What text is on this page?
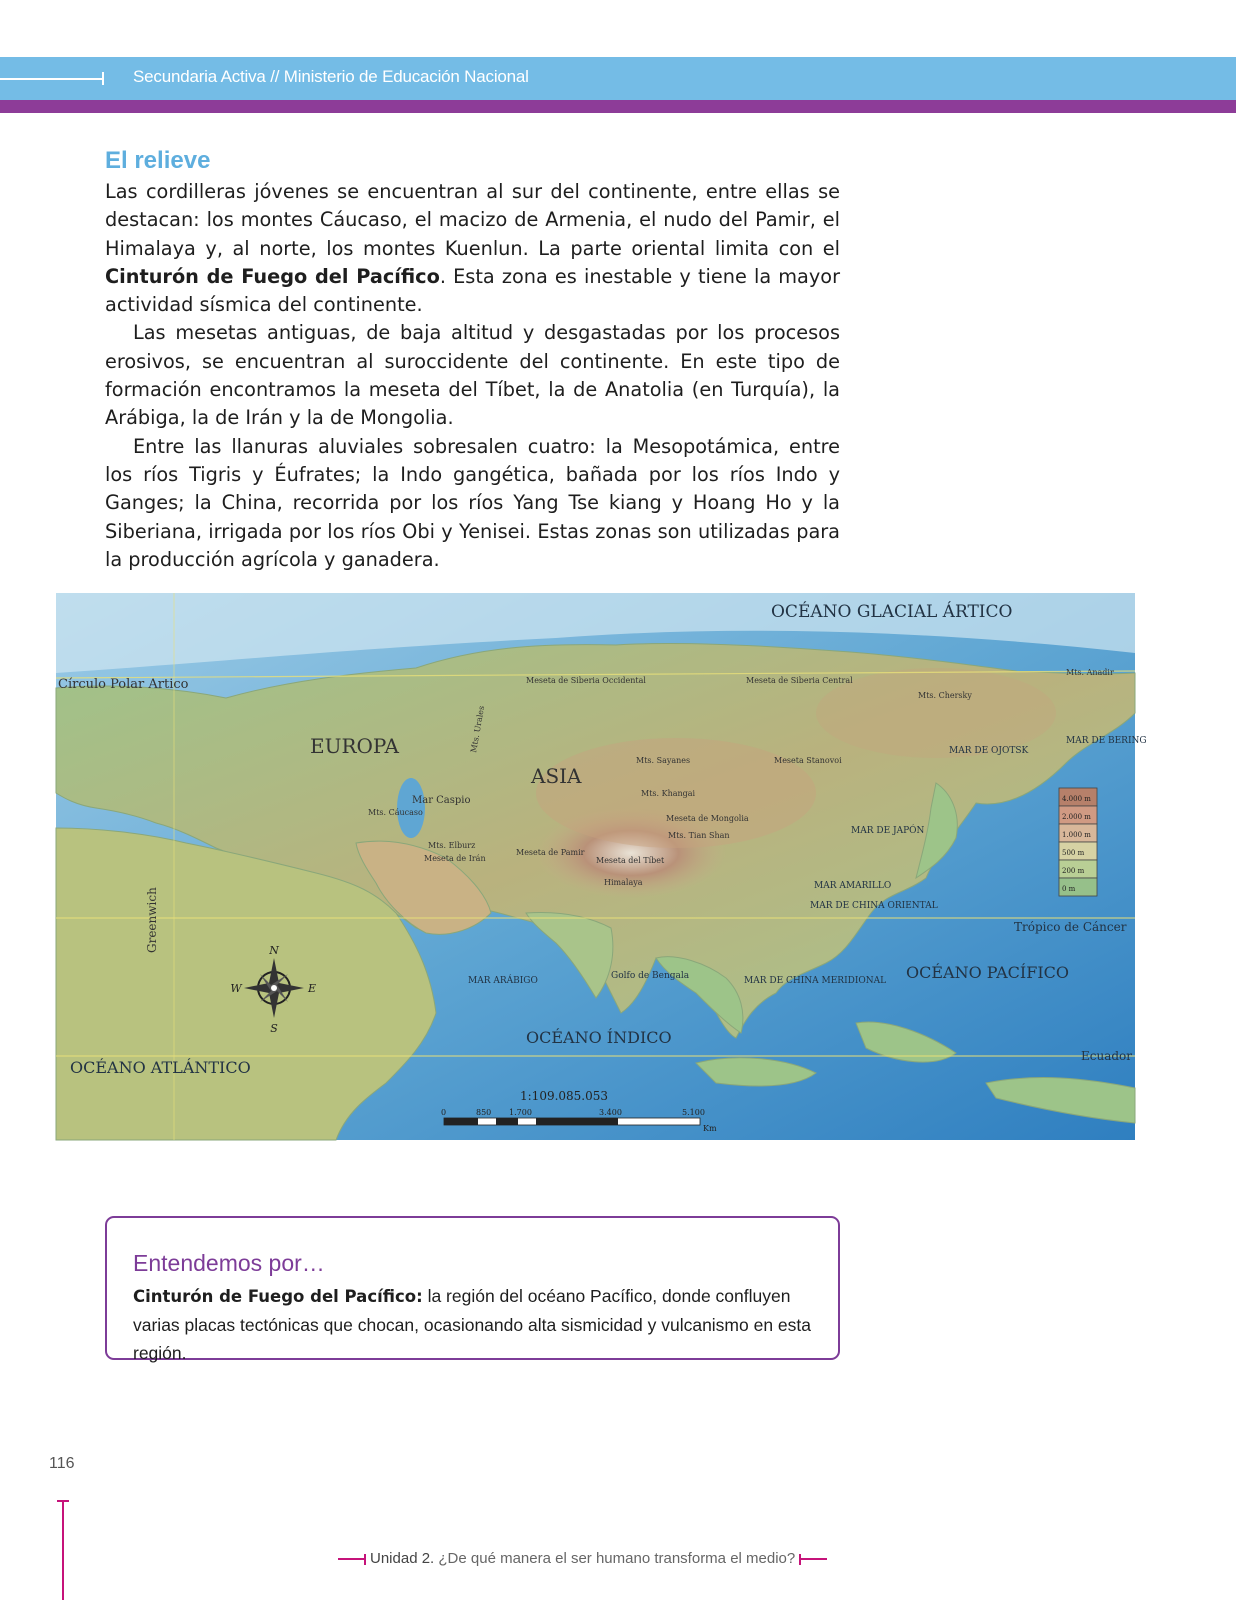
Secundaria Activa // Ministerio de Educación Nacional
El relieve

Las cordilleras jóvenes se encuentran al sur del continente, entre ellas se destacan: los montes Cáucaso, el macizo de Armenia, el nudo del Pamir, el Himalaya y, al norte, los montes Kuenlun. La parte oriental limita con el Cinturón de Fuego del Pacífico. Esta zona es inestable y tiene la mayor actividad sísmica del continente.

Las mesetas antiguas, de baja altitud y desgastadas por los procesos erosivos, se encuentran al suroccidente del continente. En este tipo de formación encontramos la meseta del Tíbet, la de Anatolia (en Turquía), la Arábiga, la de Irán y la de Mongolia.

Entre las llanuras aluviales sobresalen cuatro: la Mesopotámica, entre los ríos Tigris y Éufrates; la Indo gangética, bañada por los ríos Indo y Ganges; la China, recorrida por los ríos Yang Tse kiang y Hoang Ho y la Siberiana, irrigada por los ríos Obi y Yenisei. Estas zonas son utilizadas para la producción agrícola y ganadera.

OCÉANO GLACIAL ÁRTICO
Círculo Polar Artico
EUROPA
ASIA
Mar Caspio
Greenwich
MAR DE OJOTSK
MAR DE BERING
MAR DE JAPÓN
MAR AMARILLO
MAR DE CHINA ORIENTAL
Trópico de Cáncer
OCÉANO PACÍFICO
MAR ARÁBIGO	Golfo de Bengala	MAR DE CHINA MERIDIONAL
OCÉANO ÍNDICO
OCÉANO ATLÁNTICO
Ecuador
Meseta del Tíbet
Meseta de Mongolia
Meseta de Irán
Meseta de Pamir
Himalaya
Meseta de Siberia Occidental	Meseta de Siberia Central
Meseta Stanovoi
Mts. Chersky
Mts. Anadir
Mts. Urales
Mts. Sayanes
Mts. Khangai
Mts. Tian Shan
Mts. Cáucaso
Mts. Elburz
4.000 m
2.000 m
1.000 m
500 m
200 m
0 m
N
S
E
W
1:109.085.053
0	850 1.700	3.400	5.100
Km
Entendemos por…
Cinturón de Fuego del Pacífico: la región del océano Pacífico, donde confluyen varias placas tectónicas que chocan, ocasionando alta sismicidad y vulcanismo en esta región.
116
Unidad 2. ¿De qué manera el ser humano transforma el medio?
